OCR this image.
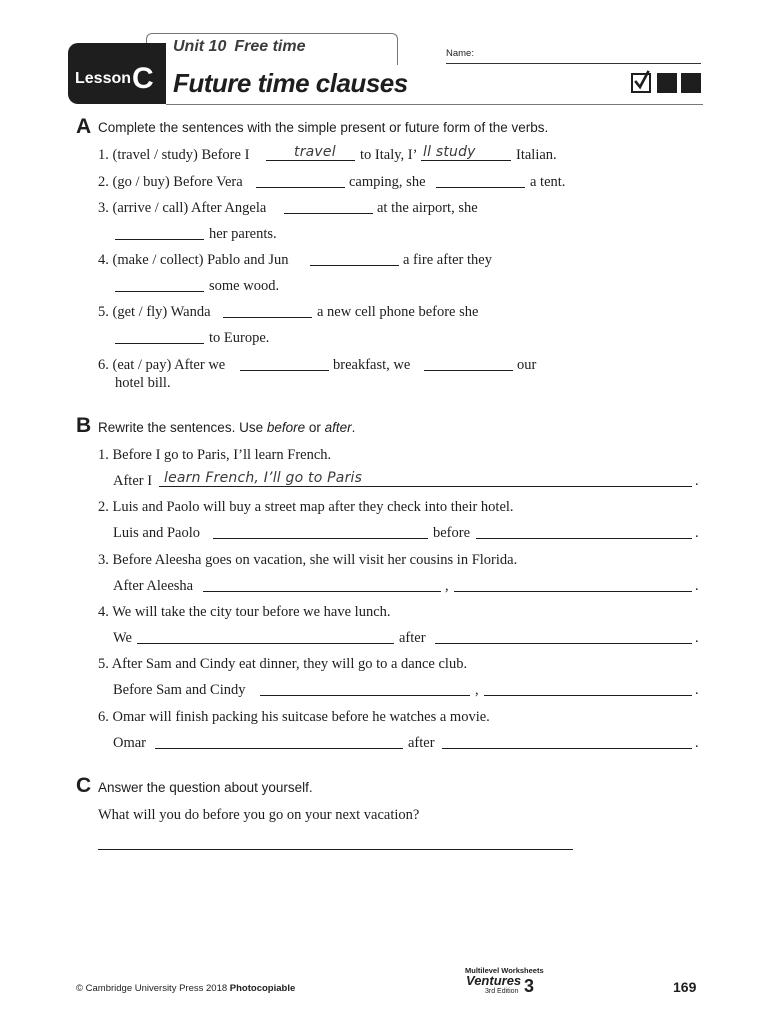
Unit 10 Free time
Lesson C Future time clauses
Name:
A Complete the sentences with the simple present or future form of the verbs.
1. (travel / study) Before I	travel to Italy, I’ ll study	Italian.
2. (go / buy) Before Vera	camping, she	a tent.
3. (arrive / call) After Angela	at the airport, she
her parents.
4. (make / collect) Pablo and Jun	a fire after they
some wood.
5. (get / fly) Wanda	a new cell phone before she
to Europe.
6. (eat / pay) After we	breakfast, we	our
hotel bill.
B Rewrite the sentences. Use before or after.
1. Before I go to Paris, I’ll learn French.
After I learn French, I’ll go to Paris	.
2. Luis and Paolo will buy a street map after they check into their hotel.
Luis and Paolo	before	.
3. Before Aleesha goes on vacation, she will visit her cousins in Florida.
After Aleesha	,	.
4. We will take the city tour before we have lunch.
We	after	.
5. After Sam and Cindy eat dinner, they will go to a dance club.
Before Sam and Cindy	,	.
6. Omar will finish packing his suitcase before he watches a movie.
Omar	after	.
C Answer the question about yourself.
What will you do before you go on your next vacation?
© Cambridge University Press 2018 Photocopiable
Multilevel Worksheets
Ventures
3rd Edition 3	169
